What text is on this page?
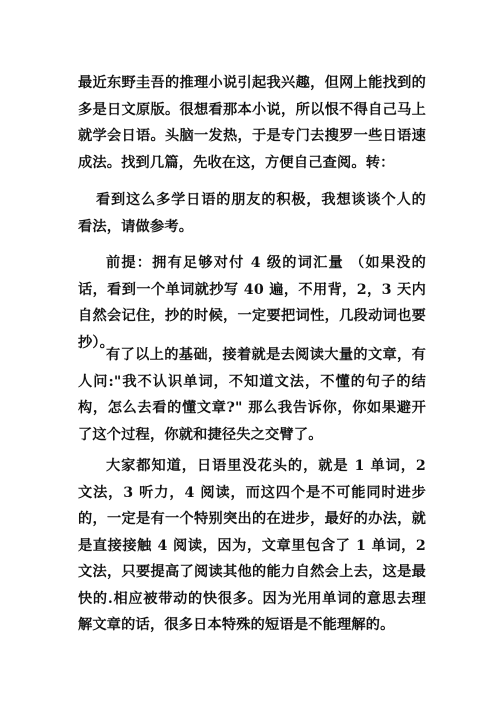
最近东野圭吾的推理小说引起我兴趣，但网上能找到的多是日文原版。很想看那本小说，所以恨不得自己马上就学会日语。头脑一发热，于是专门去搜罗一些日语速成法。找到几篇，先收在这，方便自己查阅。转：

看到这么多学日语的朋友的积极，我想谈谈个人的看法，请做参考。

前提：拥有足够对付 4 级的词汇量 （如果没的话，看到一个单词就抄写 40 遍，不用背，2，3 天内自然会记住，抄的时候，一定要把词性，几段动词也要抄）。

有了以上的基础，接着就是去阅读大量的文章，有人问:"我不认识单词，不知道文法，不懂的句子的结构，怎么去看的懂文章?" 那么我告诉你，你如果避开了这个过程，你就和捷径失之交臂了。

大家都知道，日语里没花头的，就是 1 单词，2 文法，3 听力，4 阅读，而这四个是不可能同时进步的，一定是有一个特别突出的在进步，最好的办法，就是直接接触 4 阅读，因为，文章里包含了 1 单词，2 文法，只要提高了阅读其他的能力自然会上去，这是最快的.相应被带动的快很多。因为光用单词的意思去理解文章的话，很多日本特殊的短语是不能理解的。
